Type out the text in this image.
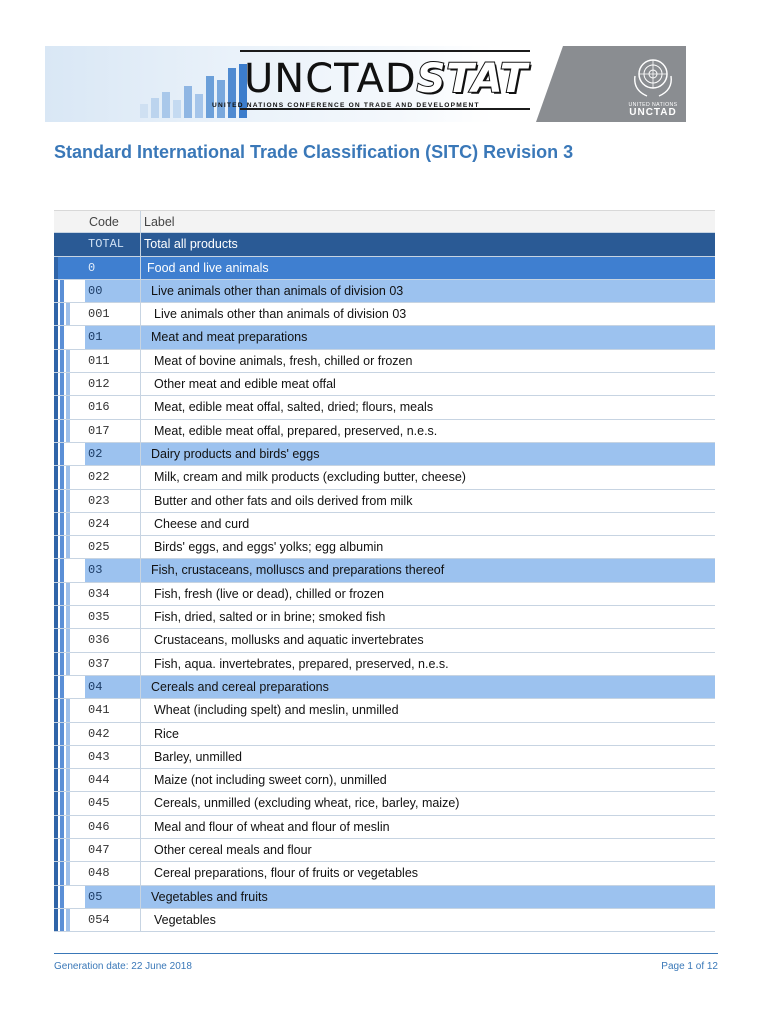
UNCTADSTAT
UNITED NATIONS CONFERENCE ON TRADE AND DEVELOPMENT	UNITED NATIONS
UNCTAD
Standard International Trade Classification (SITC) Revision 3
Code	Label
TOTAL	Total all products
0	Food and live animals
00	Live animals other than animals of division 03
001	Live animals other than animals of division 03
01	Meat and meat preparations
011	Meat of bovine animals, fresh, chilled or frozen
012	Other meat and edible meat offal
016	Meat, edible meat offal, salted, dried; flours, meals
017	Meat, edible meat offal, prepared, preserved, n.e.s.
02	Dairy products and birds' eggs
022	Milk, cream and milk products (excluding butter, cheese)
023	Butter and other fats and oils derived from milk
024	Cheese and curd
025	Birds' eggs, and eggs' yolks; egg albumin
03	Fish, crustaceans, molluscs and preparations thereof
034	Fish, fresh (live or dead), chilled or frozen
035	Fish, dried, salted or in brine; smoked fish
036	Crustaceans, mollusks and aquatic invertebrates
037	Fish, aqua. invertebrates, prepared, preserved, n.e.s.
04	Cereals and cereal preparations
041	Wheat (including spelt) and meslin, unmilled
042	Rice
043	Barley, unmilled
044	Maize (not including sweet corn), unmilled
045	Cereals, unmilled (excluding wheat, rice, barley, maize)
046	Meal and flour of wheat and flour of meslin
047	Other cereal meals and flour
048	Cereal preparations, flour of fruits or vegetables
05	Vegetables and fruits
054	Vegetables
Generation date: 22 June 2018	Page 1 of 12
